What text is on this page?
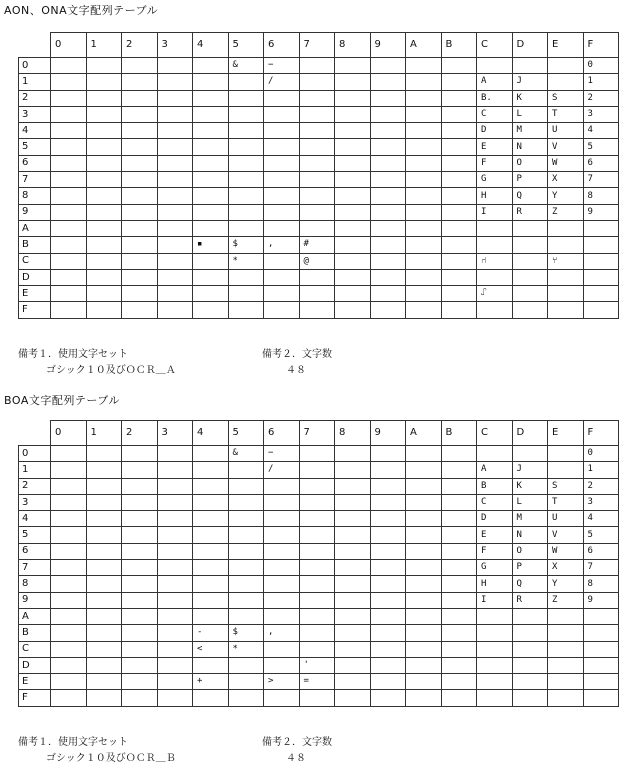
AON、ONA文字配列テーブル
	0	1	2	3	4	5	6	7	8	9	A	B	C	D	E	F
0						&	−									0
1							/						A	J		1
2													B.	K	S	2
3													C	L	T	3
4													D	M	U	4
5													E	N	V	5
6													F	O	W	6
7													G	P	X	7
8													H	Q	Y	8
9													I	R	Z	9
A																
B					▪	$	,	#								
C						*		@					⑁		⑂	
D																
E													⑀			
F																
備考１．使用文字セット
ゴシック１０及びＯＣＲ＿Ａ
備考２．文字数
４８
BOA文字配列テーブル
	0	1	2	3	4	5	6	7	8	9	A	B	C	D	E	F
0						&	−									0
1							/						A	J		1
2													B	K	S	2
3													C	L	T	3
4													D	M	U	4
5													E	N	V	5
6													F	O	W	6
7													G	P	X	7
8													H	Q	Y	8
9													I	R	Z	9
A																
B					-	$	,									
C					<	*										
D								'								
E					+		>	=								
F																
備考１．使用文字セット
ゴシック１０及びＯＣＲ＿Ｂ
備考２．文字数
４８
